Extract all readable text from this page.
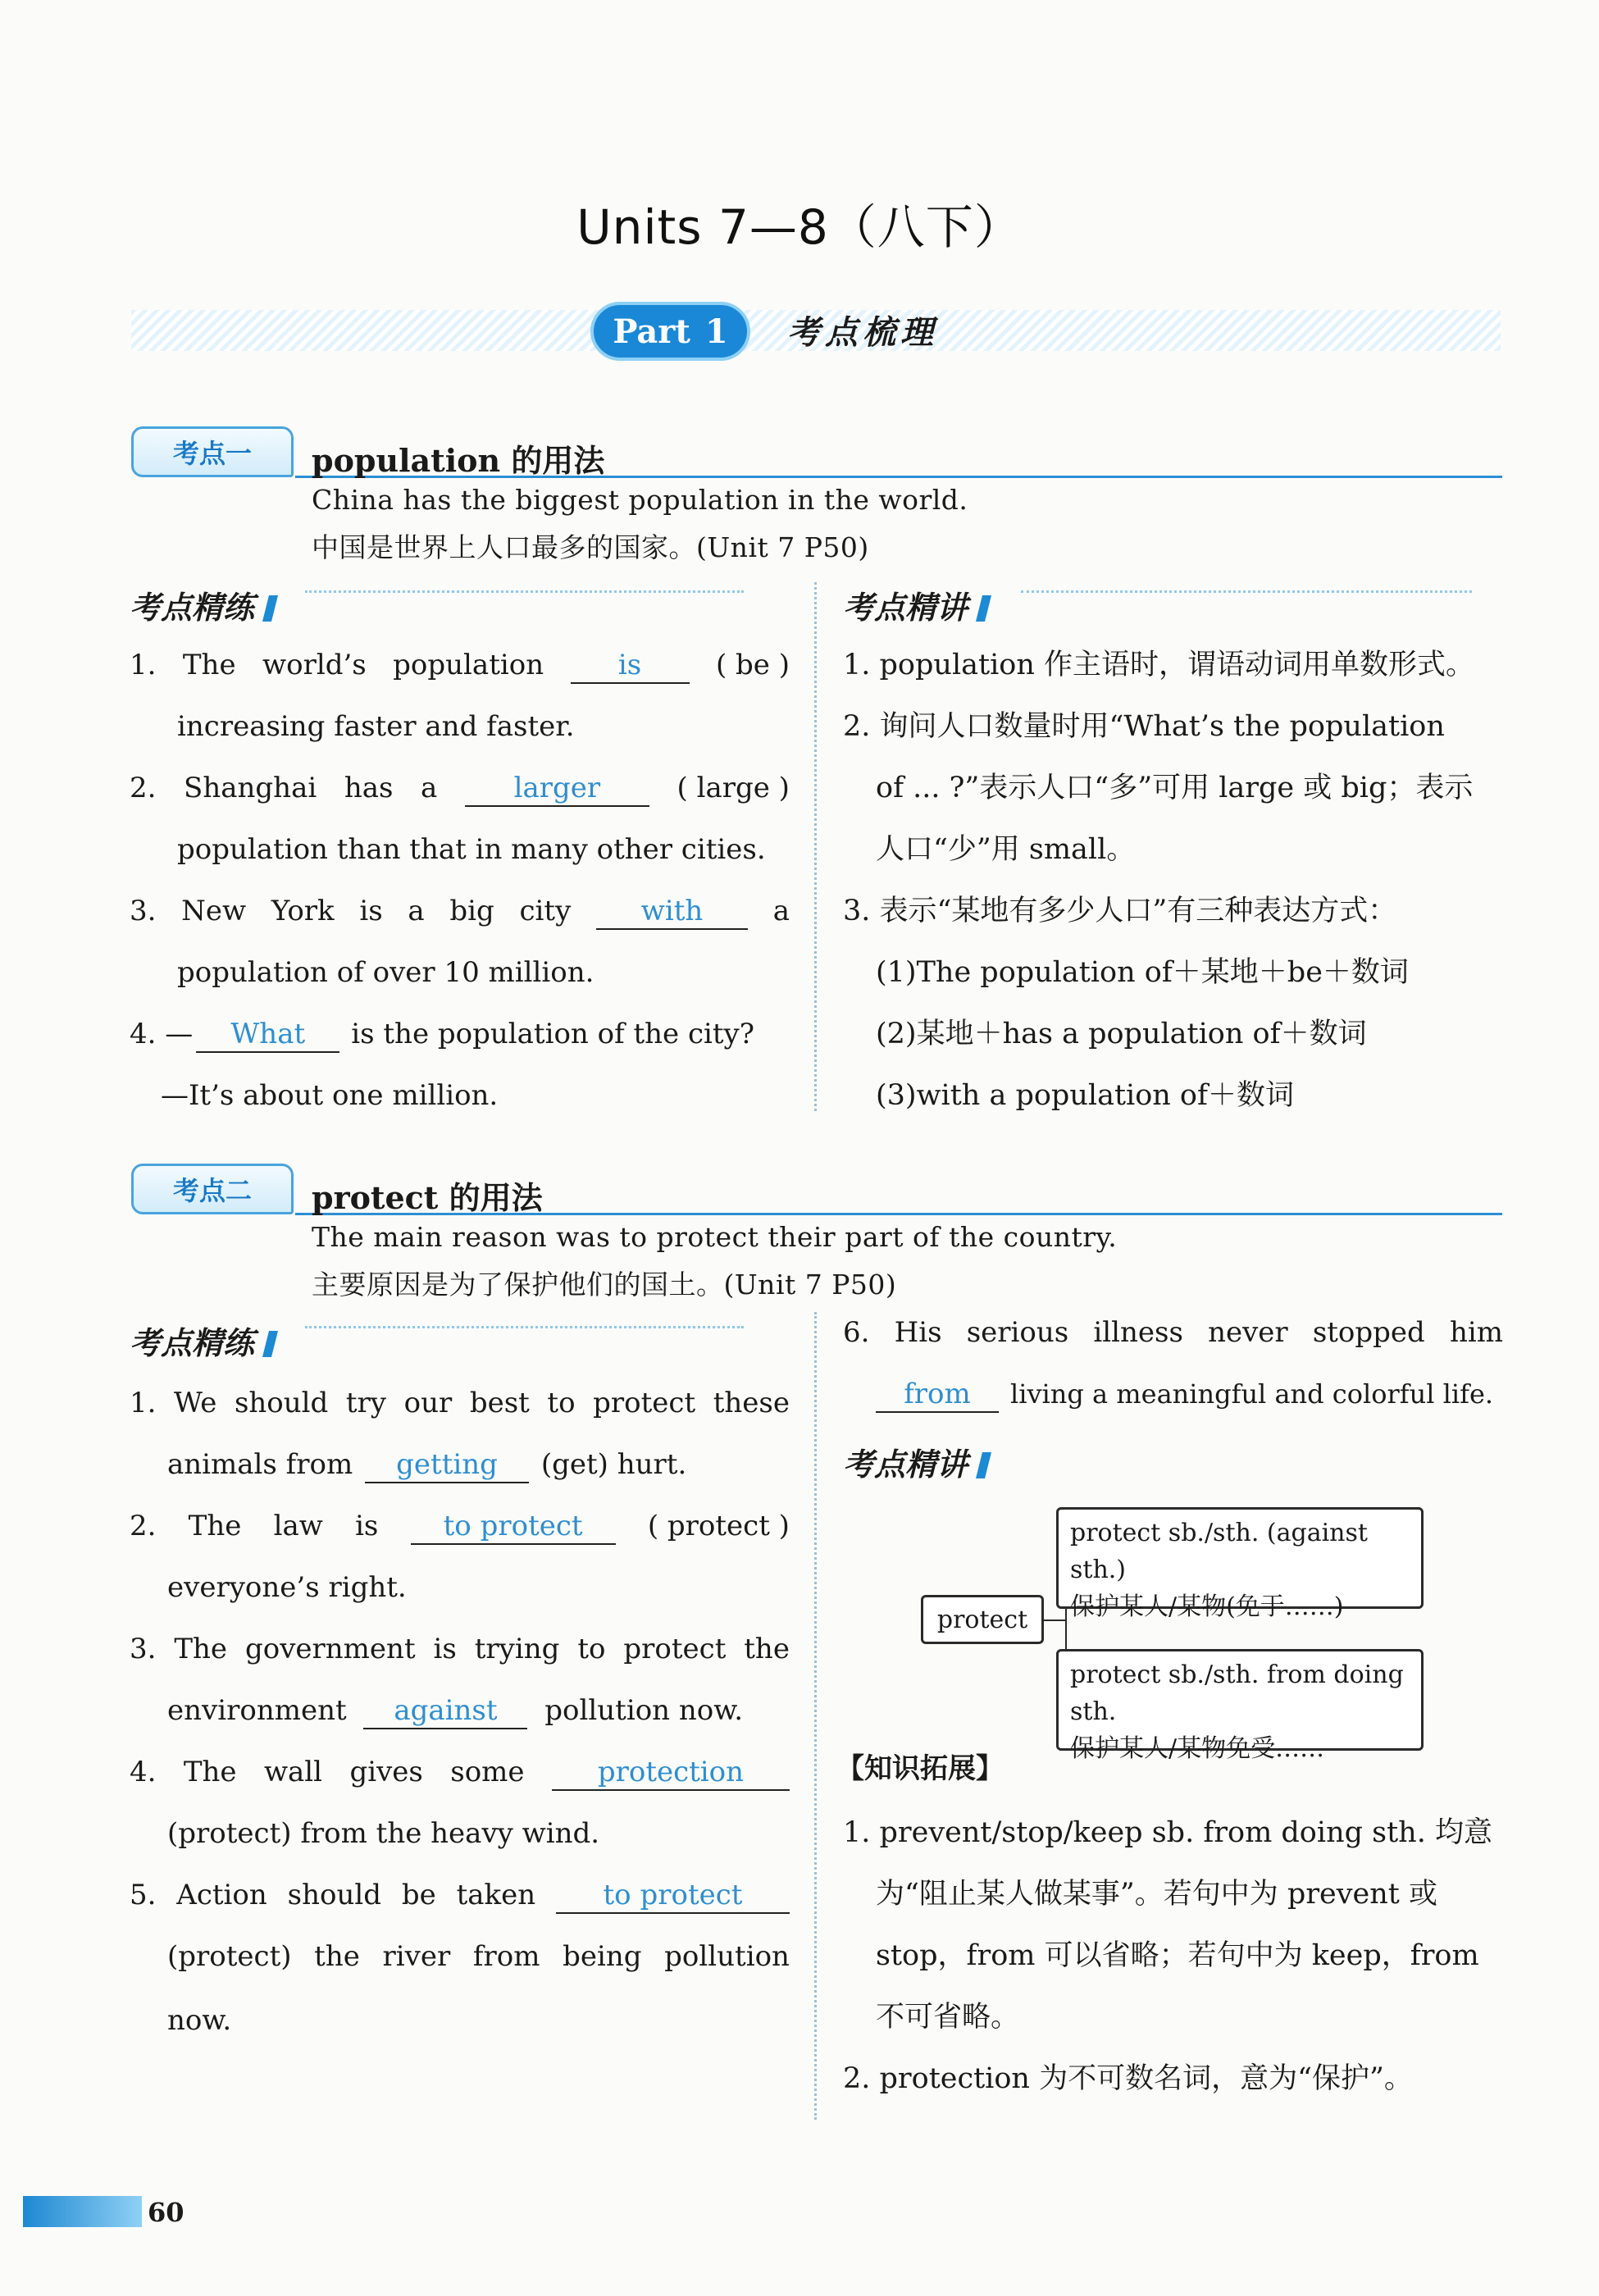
Units 7—8（八下）
Part 1 考点梳理
考点一	population 的用法
China has the biggest population in the world.
中国是世界上人口最多的国家。(Unit 7 P50)
考点精练	考点精讲
1. The world’s population	is	( be )
increasing faster and faster.
2. Shanghai has a	larger	( large )
population than that in many other cities.
3. New York is a big city	with	a
population of over 10 million.
4. — What is the population of the city?
—It’s about one million.
1. population 作主语时，谓语动词用单数形式。
2. 询问人口数量时用“What’s the population
of ... ?”表示人口“多”可用 large 或 big；表示
人口“少”用 small。
3. 表示“某地有多少人口”有三种表达方式：
(1)The population of＋某地＋be＋数词
(2)某地＋has a population of＋数词
(3)with a population of＋数词
考点二	protect 的用法
The main reason was to protect their part of the country.
主要原因是为了保护他们的国土。(Unit 7 P50)
考点精练
1. We should try our best to protect these
animals from getting (get) hurt.
2. The law is	to protect	( protect )
everyone’s right.
3. The government is trying to protect the
environment against pollution now.
4. The wall gives some	protection
(protect) from the heavy wind.
5. Action should be taken	to protect
(protect) the river from being pollution
now.
6. His serious illness never stopped him
from living a meaningful and colorful life.
考点精讲
protect
protect sb./sth. (against sth.)
保护某人/某物(免于……)
protect sb./sth. from doing sth.
保护某人/某物免受……
【知识拓展】
1. prevent/stop/keep sb. from doing sth. 均意
为“阻止某人做某事”。若句中为 prevent 或
stop，from 可以省略；若句中为 keep，from
不可省略。
2. protection 为不可数名词，意为“保护”。
60
